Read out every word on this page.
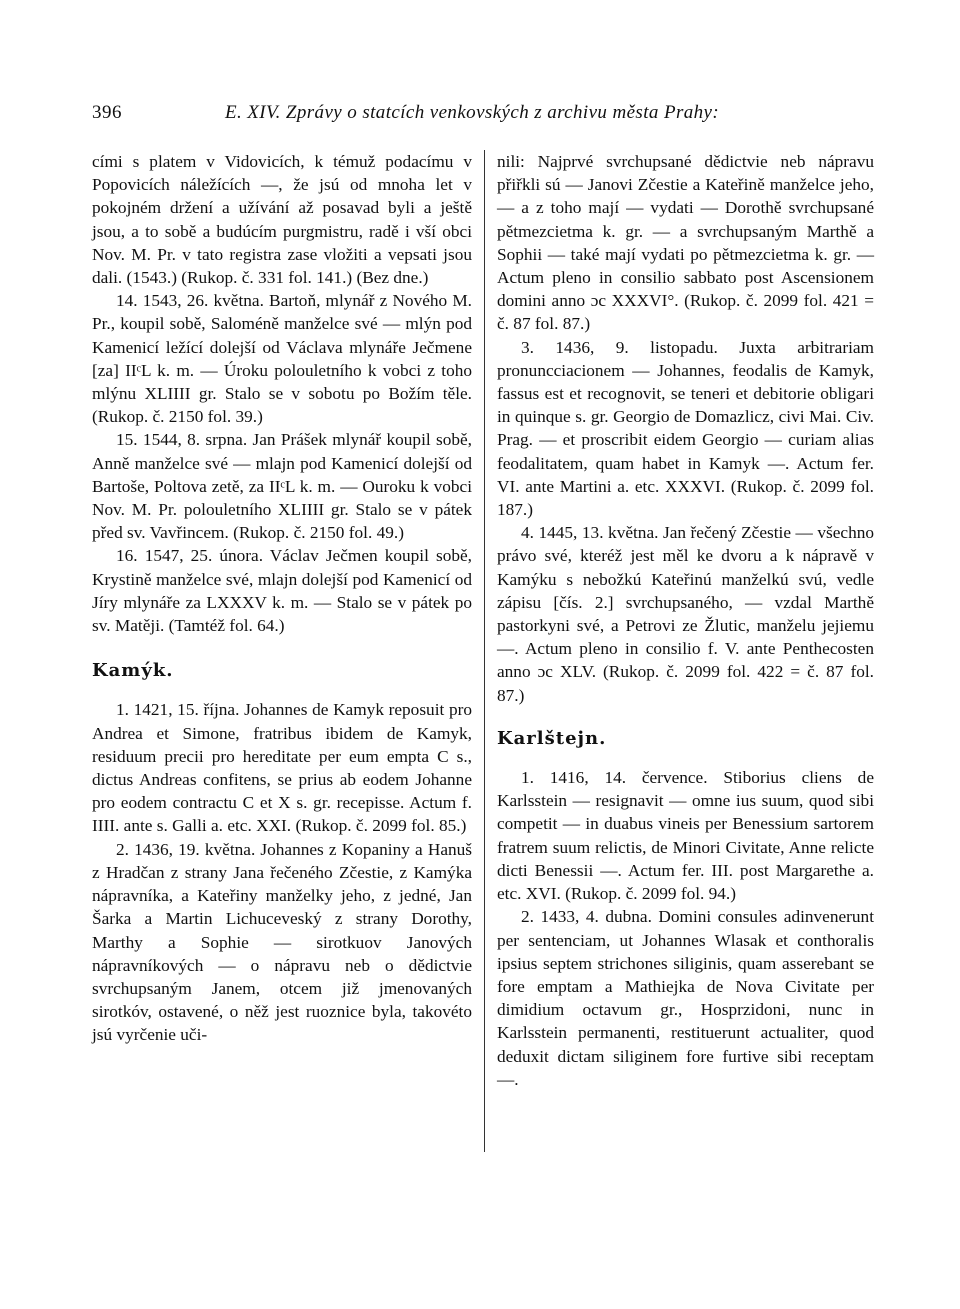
396	E. XIV. Zprávy o statcích venkovských z archivu města Prahy:

cími s platem v Vidovicích, k témuž podacímu v Popovicích náležících —, že jsú od mnoha let v pokojném držení a užívání až posavad byli a ještě jsou, a to sobě a budúcím purgmistru, radě i vší obci Nov. M. Pr. v tato registra zase vložiti a vepsati jsou dali. (1543.) (Rukop. č. 331 fol. 141.) (Bez dne.)

14. 1543, 26. května. Bartoň, mlynář z Nového M. Pr., koupil sobě, Saloméně manželce své — mlýn pod Kamenicí ležící dolejší od Václava mlynáře Ječmene [za] IIᶜL k. m. — Úroku polouletního k vobci z toho mlýnu XLIIII gr. Stalo se v sobotu po Božím těle. (Rukop. č. 2150 fol. 39.)

15. 1544, 8. srpna. Jan Prášek mlynář koupil sobě, Anně manželce své — mlajn pod Kamenicí dolejší od Bartoše, Poltova zetě, za IIᶜL k. m. — Ouroku k vobci Nov. M. Pr. polouletního XLIIII gr. Stalo se v pátek před sv. Vavřincem. (Rukop. č. 2150 fol. 49.)

16. 1547, 25. února. Václav Ječmen koupil sobě, Krystině manželce své, mlajn dolejší pod Kamenicí od Jíry mlynáře za LXXXV k. m. — Stalo se v pátek po sv. Matěji. (Tamtéž fol. 64.)

Kamýk.

1. 1421, 15. října. Johannes de Kamyk reposuit pro Andrea et Simone, fratribus ibidem de Kamyk, residuum precii pro hereditate per eum empta C s., dictus Andreas confitens, se prius ab eodem Johanne pro eodem contractu C et X s. gr. recepisse. Actum f. IIII. ante s. Galli a. etc. XXI. (Rukop. č. 2099 fol. 85.)

2. 1436, 19. května. Johannes z Kopaniny a Hanuš z Hradčan z strany Jana řečeného Zčestie, z Kamýka nápravníka, a Kateřiny manželky jeho, z jedné, Jan Šarka a Martin Lichuceveský z strany Dorothy, Marthy a Sophie — sirotkuov Janových nápravníkových — o nápravu neb o dědictvie svrchupsaným Janem, otcem již jmenovaných sirotkóv, ostavené, o něž jest ruoznice byla, takovéto jsú vyrčenie uči-

nili: Najprvé svrchupsané dědictvie neb nápravu přiřkli sú — Janovi Zčestie a Kateřině manželce jeho, — a z toho mají — vydati — Dorothě svrchupsané pětmezcietma k. gr. — a svrchupsaným Marthě a Sophii — také mají vydati po pětmezcietma k. gr. — Actum pleno in consilio sabbato post Ascensionem domini anno ɔc XXXVI°. (Rukop. č. 2099 fol. 421 = č. 87 fol. 87.)

3. 1436, 9. listopadu. Juxta arbitrariam pronuncciacionem — Johannes, feodalis de Kamyk, fassus est et recognovit, se teneri et debitorie obligari in quinque s. gr. Georgio de Domazlicz, civi Mai. Civ. Prag. — et proscribit eidem Georgio — curiam alias feodalitatem, quam habet in Kamyk —. Actum fer. VI. ante Martini a. etc. XXXVI. (Rukop. č. 2099 fol. 187.)

4. 1445, 13. května. Jan řečený Zčestie — všechno právo své, kteréž jest měl ke dvoru a k nápravě v Kamýku s nebožkú Kateřinú manželkú svú, vedle zápisu [čís. 2.] svrchupsaného, — vzdal Marthě pastorkyni své, a Petrovi ze Žlutic, manželu jejiemu —. Actum pleno in consilio f. V. ante Penthecosten anno ɔc XLV. (Rukop. č. 2099 fol. 422 = č. 87 fol. 87.)

Karlštejn.

1. 1416, 14. července. Stiborius cliens de Karlsstein — resignavit — omne ius suum, quod sibi competit — in duabus vineis per Benessium sartorem fratrem suum relictis, de Minori Civitate, Anne relicte dicti Benessii —. Actum fer. III. post Margarethe a. etc. XVI. (Rukop. č. 2099 fol. 94.)

2. 1433, 4. dubna. Domini consules adinvenerunt per sentenciam, ut Johannes Wlasak et conthoralis ipsius septem strichones siliginis, quam asserebant se fore emptam a Mathiejka de Nova Civitate per dimidium octavum gr., Hosprzidoni, nunc in Karlsstein permanenti, restituerunt actualiter, quod deduxit dictam siliginem fore furtive sibi receptam —.
